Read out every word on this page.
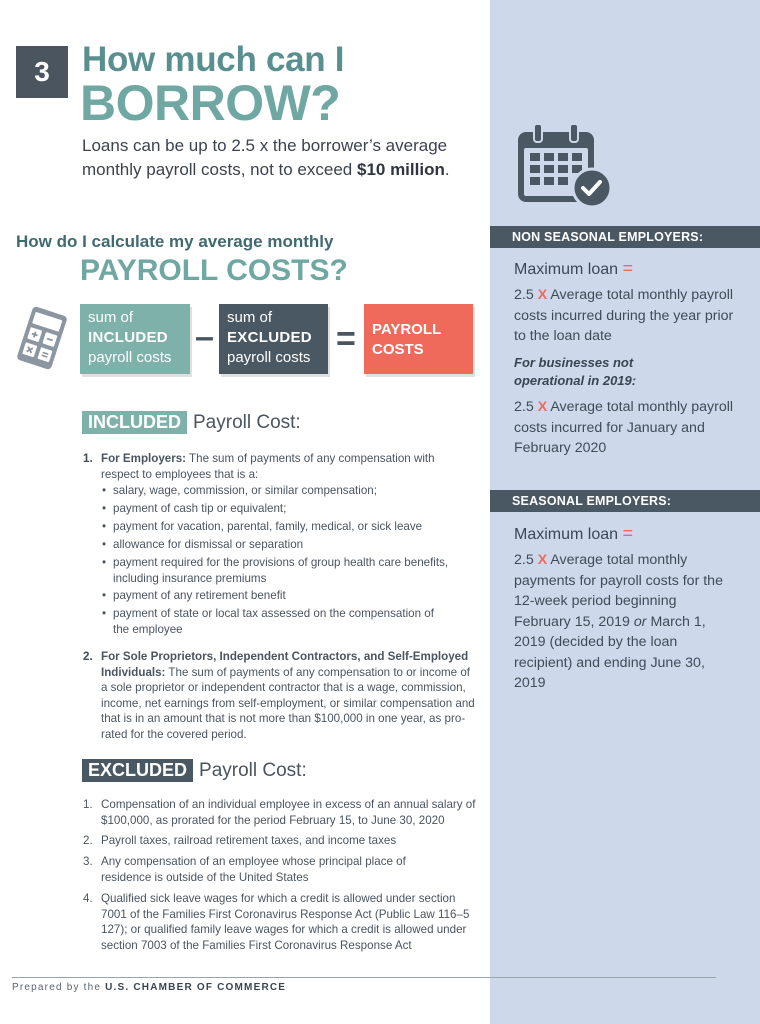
3 How much can I
BORROW?
Loans can be up to 2.5 x the borrower’s average monthly payroll costs, not to exceed $10 million.
How do I calculate my average monthly
PAYROLL COSTS?
sum of
INCLUDED
payroll costs
–
sum of
EXCLUDED
payroll costs = PAYROLL
COSTS
INCLUDED Payroll Cost:
1. For Employers: The sum of payments of any compensation with respect to employees that is a:
• salary, wage, commission, or similar compensation;
• payment of cash tip or equivalent;
• payment for vacation, parental, family, medical, or sick leave
• allowance for dismissal or separation
• payment required for the provisions of group health care benefits, including insurance premiums
• payment of any retirement benefit
• payment of state or local tax assessed on the compensation of the employee
2. For Sole Proprietors, Independent Contractors, and Self-Employed Individuals: The sum of payments of any compensation to or income of a sole proprietor or independent contractor that is a wage, commission, income, net earnings from self-employment, or similar compensation and that is in an amount that is not more than $100,000 in one year, as pro-rated for the covered period.
EXCLUDED Payroll Cost:
1. Compensation of an individual employee in excess of an annual salary of $100,000, as prorated for the period February 15, to June 30, 2020
2. Payroll taxes, railroad retirement taxes, and income taxes
3. Any compensation of an employee whose principal place of residence is outside of the United States
4. Qualified sick leave wages for which a credit is allowed under section 7001 of the Families First Coronavirus Response Act (Public Law 116–5 127); or qualified family leave wages for which a credit is allowed under section 7003 of the Families First Coronavirus Response Act
Prepared by the U.S. CHAMBER OF COMMERCE
NON SEASONAL EMPLOYERS:
Maximum loan =
2.5 X Average total monthly payroll costs incurred during the year prior to the loan date
For businesses not operational in 2019:
2.5 X Average total monthly payroll costs incurred for January and February 2020
SEASONAL EMPLOYERS:
Maximum loan =
2.5 X Average total monthly payments for payroll costs for the 12-week period beginning February 15, 2019 or March 1, 2019 (decided by the loan recipient) and ending June 30, 2019
